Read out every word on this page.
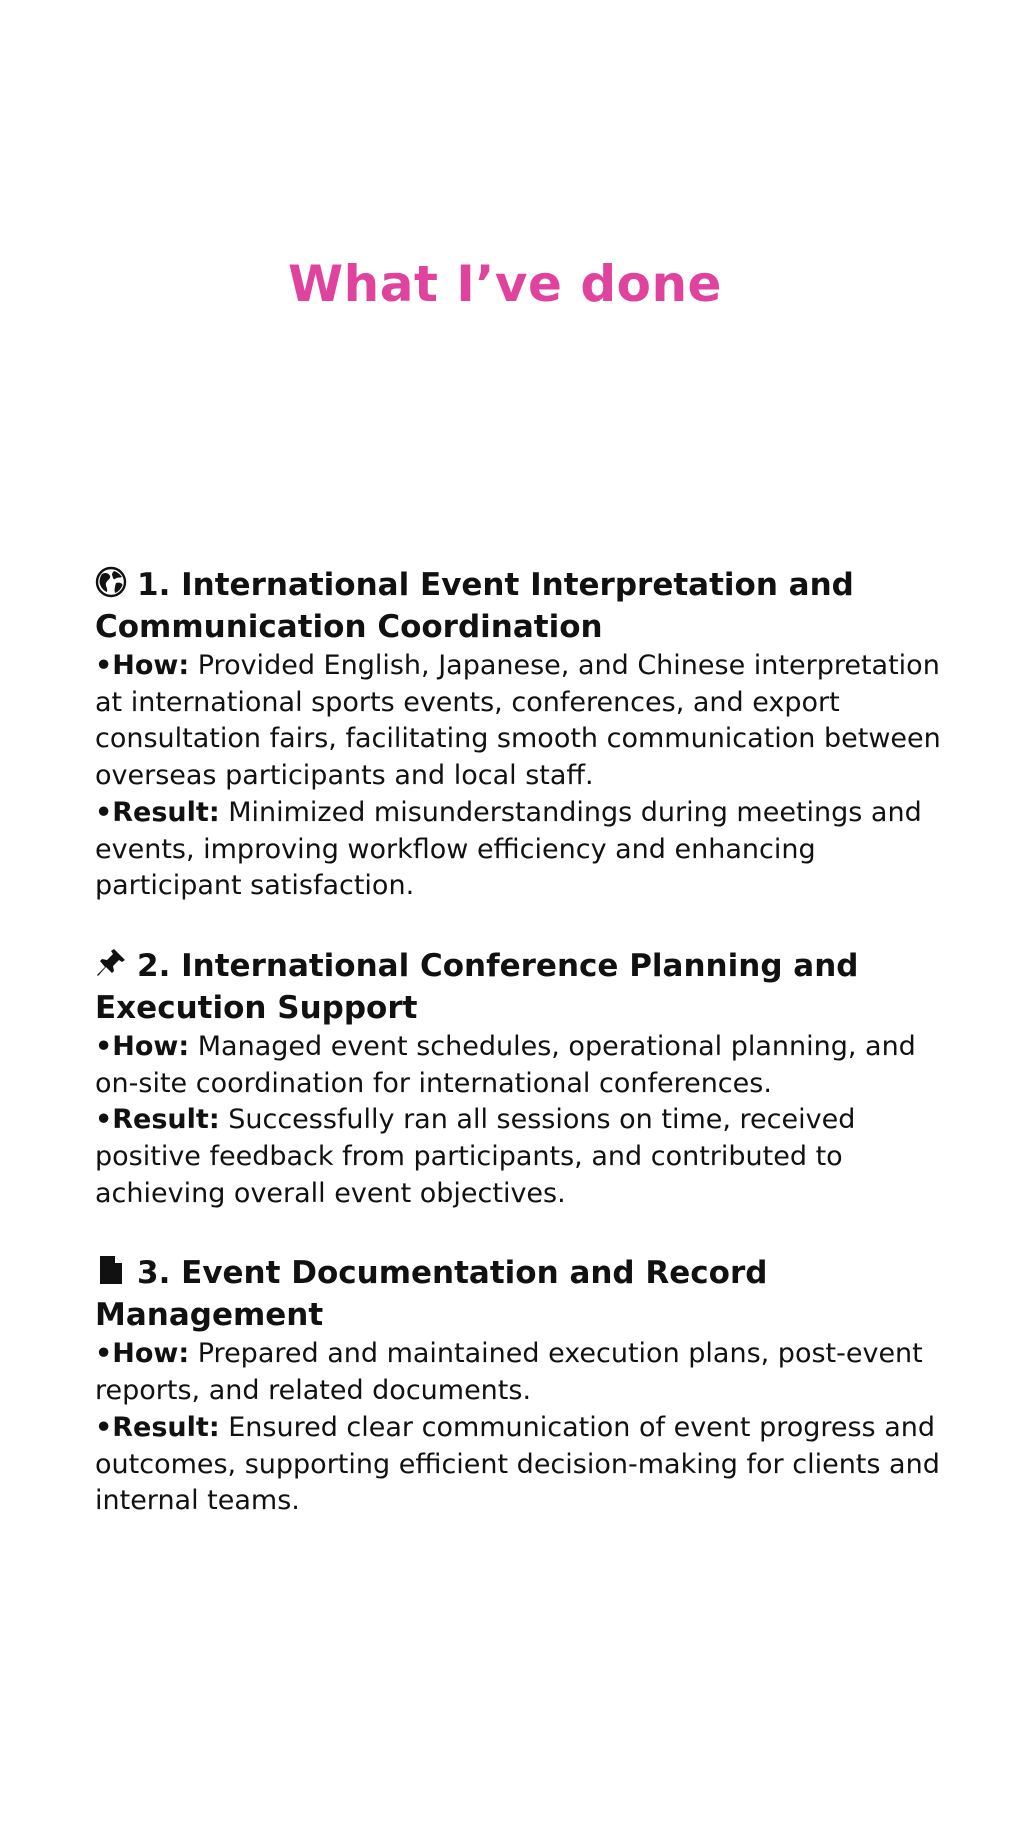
What I’ve done
1. International Event Interpretation and Communication Coordination

•How: Provided English, Japanese, and Chinese interpretation at international sports events, conferences, and export consultation fairs, facilitating smooth communication between overseas participants and local staff.

•Result: Minimized misunderstandings during meetings and events, improving workflow efficiency and enhancing participant satisfaction.

2. International Conference Planning and Execution Support

•How: Managed event schedules, operational planning, and on-site coordination for international conferences.

•Result: Successfully ran all sessions on time, received positive feedback from participants, and contributed to achieving overall event objectives.

3. Event Documentation and Record Management

•How: Prepared and maintained execution plans, post-event reports, and related documents.

•Result: Ensured clear communication of event progress and outcomes, supporting efficient decision-making for clients and internal teams.
